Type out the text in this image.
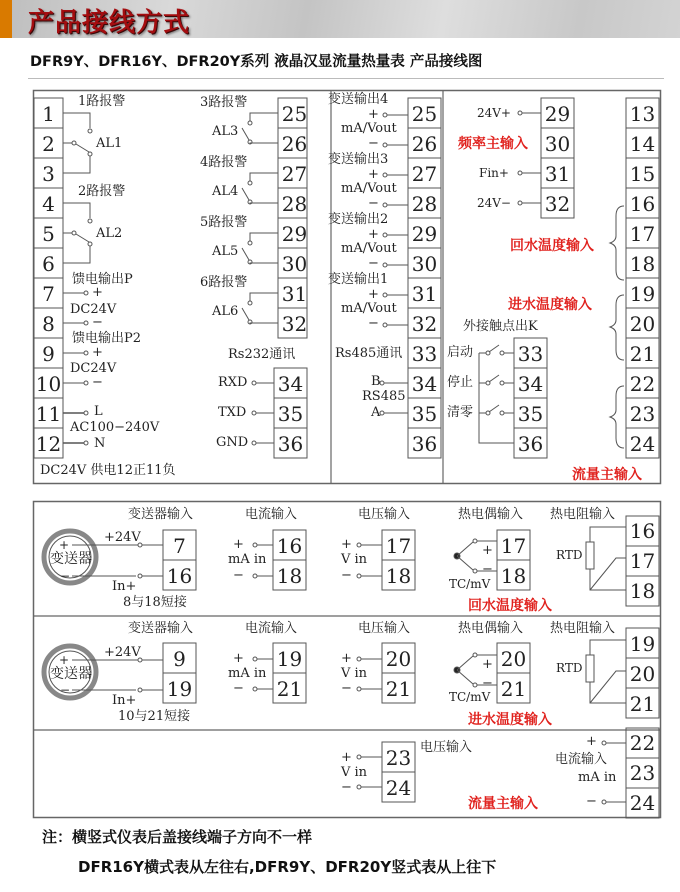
产品接线方式
DFR9Y、DFR16Y、DFR20Y系列 液晶汉显流量热量表 产品接线图
1
2
3
4
5
6
7
8
9
10
11
12
1路报警
AL1
2路报警
AL2
馈电输出P
+
DC24V
−
馈电输出P2
+
DC24V
−
L
AC100−240V
N
DC24V 供电12正11负
25
26
27
28
29
30
31
32
3路报警
AL3
4路报警
AL4
5路报警
AL5
6路报警
AL6
Rs232通讯
34
35
36
RXD
TXD
GND
25
26
27
28
29
30
31
32
变送输出4
+
mA/Vout
−
变送输出3
+
mA/Vout
−
变送输出2
+
mA/Vout
−
变送输出1
+
mA/Vout
−
Rs485通讯 33
34
35
36
B
RS485
A
29
30
31
32
24V+
频率主输入
Fin+
24V−
外接触点出K
33
34
35
36
启动
停止
清零
13
14
15
16
17
18
19
20
21
22
23
24
回水温度输入
进水温度输入
流量主输入
变送器输入
+
变送器
−
+24V
In+
8与18短接
7
16
电流输入
+
mA in
−
16
18
电压输入
+
V in
−
17
18
热电偶输入
+
−
TC/mV
17
18
热电阻输入
RTD
16
17
18
回水温度输入
变送器输入
+
变送器
−
+24V
In+
10与21短接
9
19
电流输入
+
mA in
−
19
21
电压输入
+
V in
−
20
21
热电偶输入
+
−
TC/mV
20
21
热电阻输入
RTD
19
20
21
进水温度输入
+
V in
−
23
24
电压输入	+
电流输入
mA in
−
22
23
24
流量主输入
注：横竖式仪表后盖接线端子方向不一样
DFR16Y横式表从左往右,DFR9Y、DFR20Y竖式表从上往下
